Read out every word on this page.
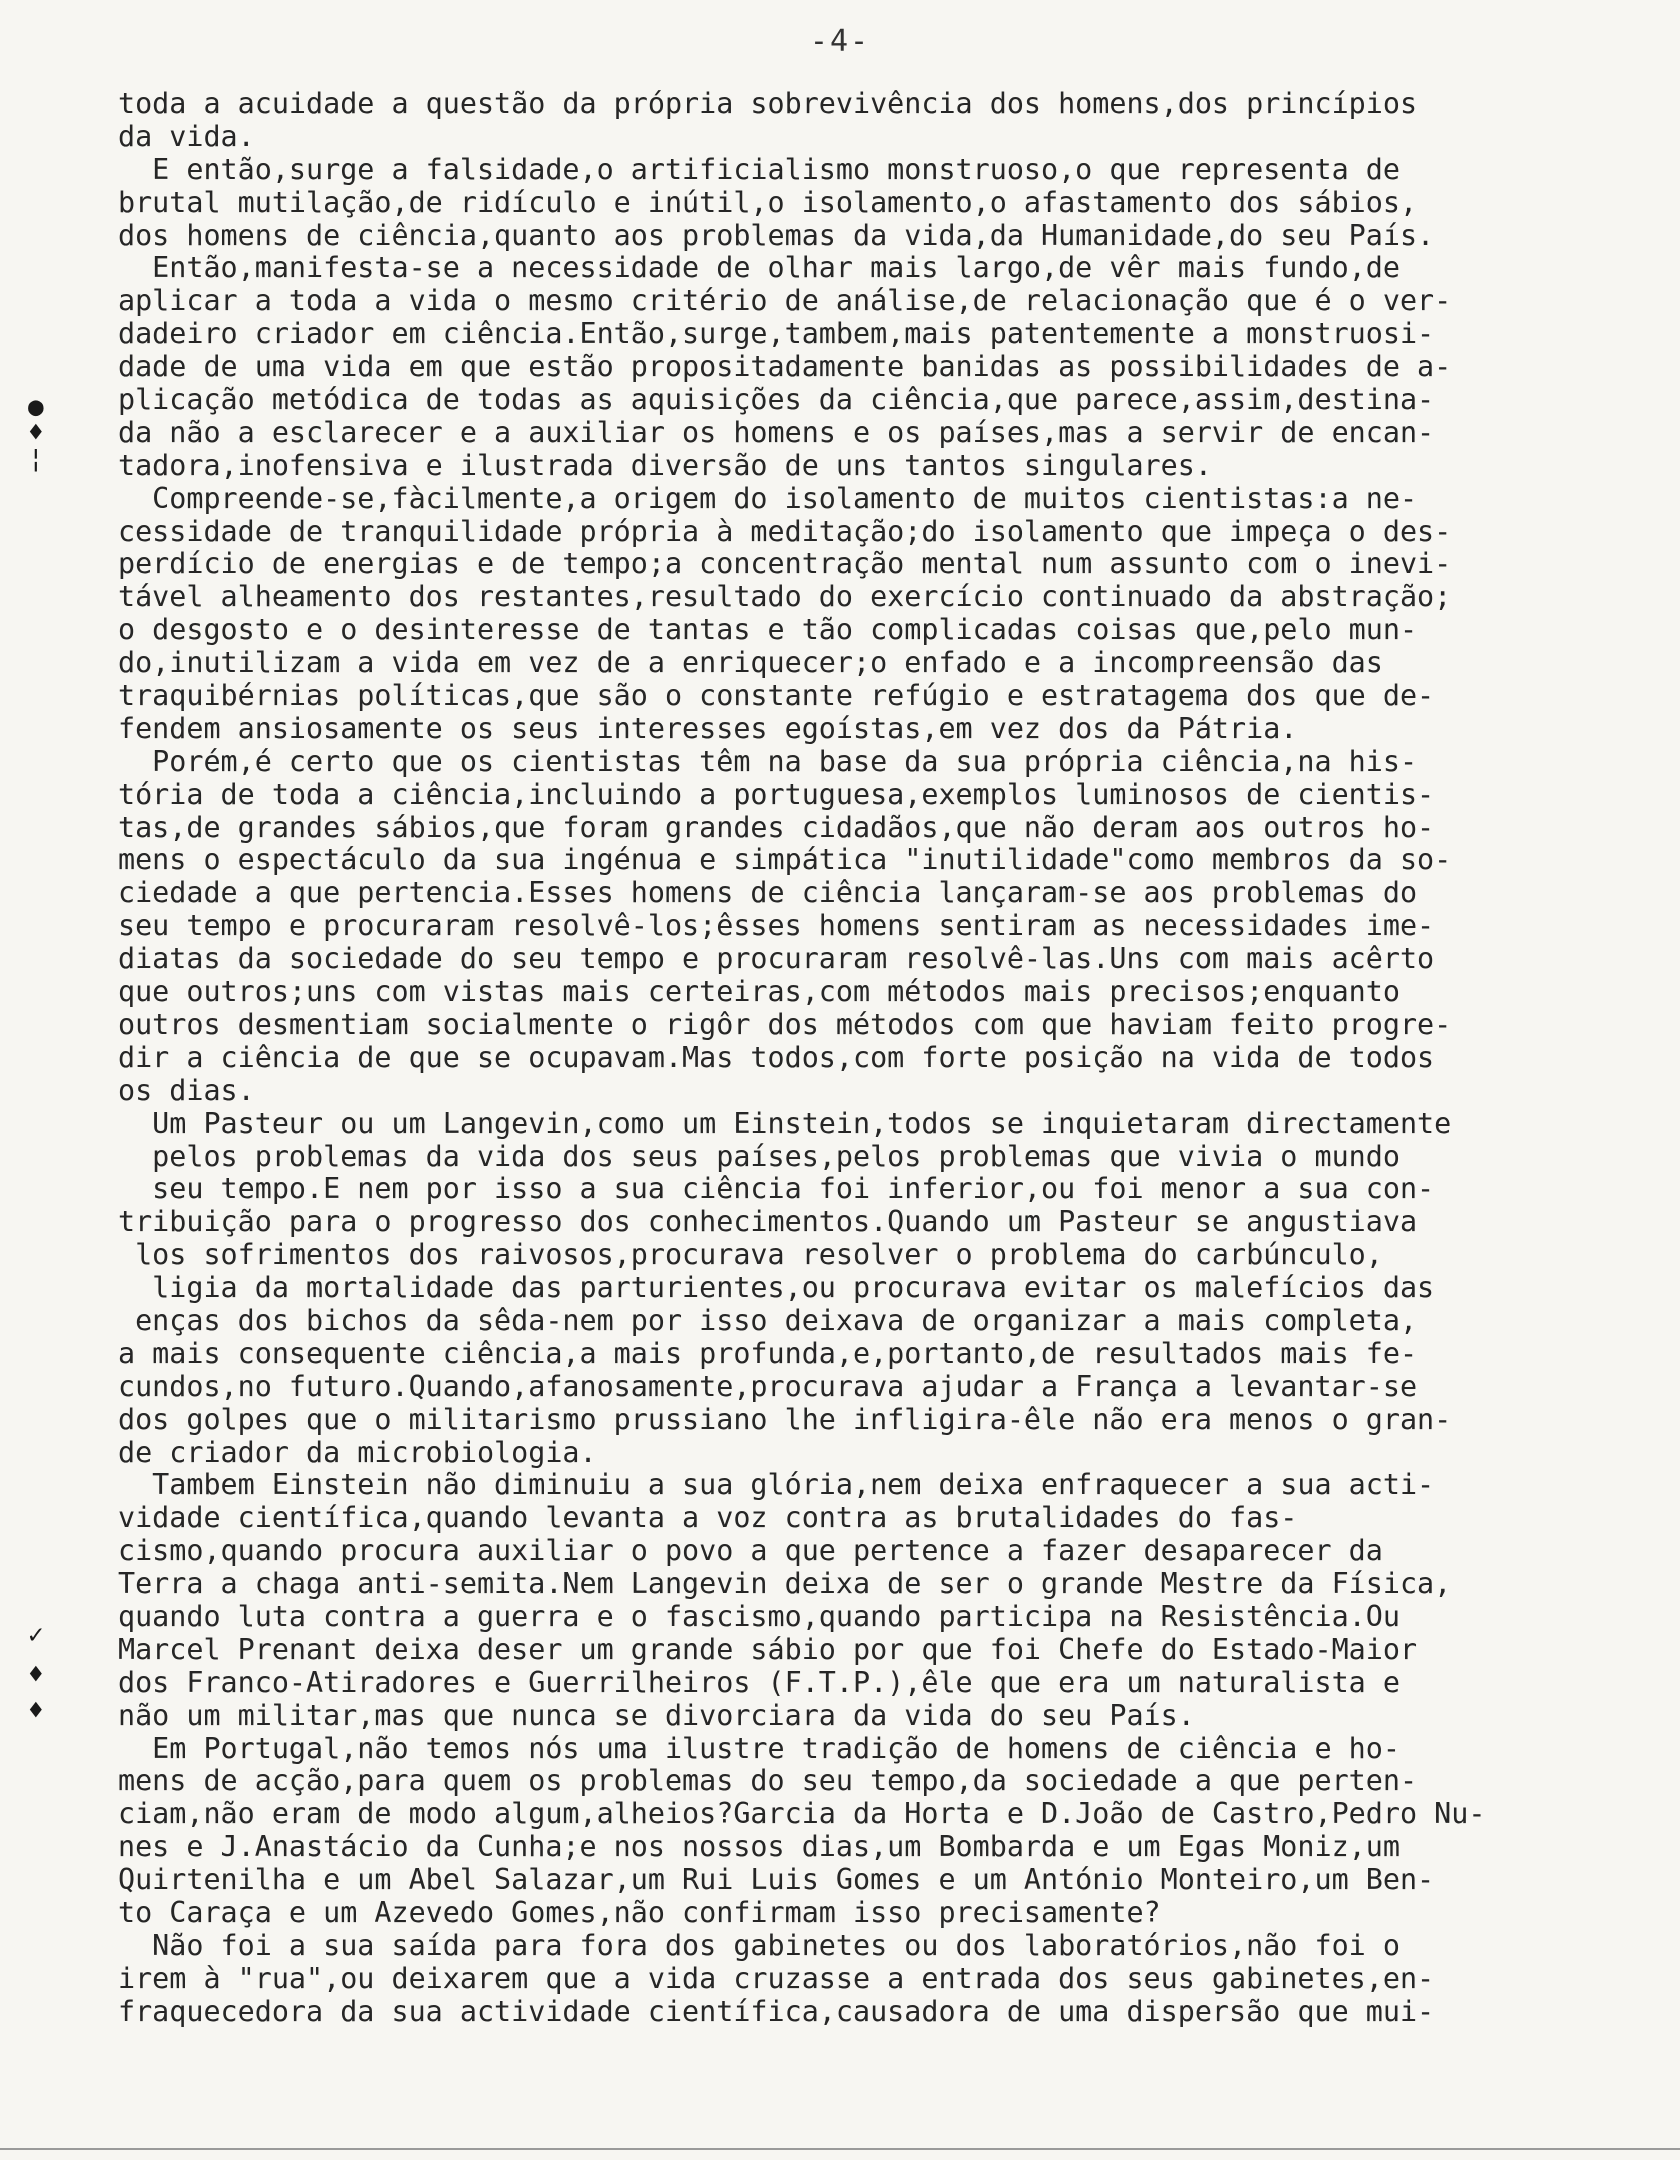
-4-
●
♦
¦
✓
♦
♦
toda a acuidade a questão da própria sobrevivência dos homens,dos princípios
da vida.
E então,surge a falsidade,o artificialismo monstruoso,o que representa de
brutal mutilação,de ridículo e inútil,o isolamento,o afastamento dos sábios,
dos homens de ciência,quanto aos problemas da vida,da Humanidade,do seu País.
Então,manifesta-se a necessidade de olhar mais largo,de vêr mais fundo,de
aplicar a toda a vida o mesmo critério de análise,de relacionação que é o ver-
dadeiro criador em ciência.Então,surge,tambem,mais patentemente a monstruosi-
dade de uma vida em que estão propositadamente banidas as possibilidades de a-
plicação metódica de todas as aquisições da ciência,que parece,assim,destina-
da não a esclarecer e a auxiliar os homens e os países,mas a servir de encan-
tadora,inofensiva e ilustrada diversão de uns tantos singulares.
Compreende-se,fàcilmente,a origem do isolamento de muitos cientistas:a ne-
cessidade de tranquilidade própria à meditação;do isolamento que impeça o des-
perdício de energias e de tempo;a concentração mental num assunto com o inevi-
tável alheamento dos restantes,resultado do exercício continuado da abstração;
o desgosto e o desinteresse de tantas e tão complicadas coisas que,pelo mun-
do,inutilizam a vida em vez de a enriquecer;o enfado e a incompreensão das
traquibérnias políticas,que são o constante refúgio e estratagema dos que de-
fendem ansiosamente os seus interesses egoístas,em vez dos da Pátria.
Porém,é certo que os cientistas têm na base da sua própria ciência,na his-
tória de toda a ciência,incluindo a portuguesa,exemplos luminosos de cientis-
tas,de grandes sábios,que foram grandes cidadãos,que não deram aos outros ho-
mens o espectáculo da sua ingénua e simpática "inutilidade"como membros da so-
ciedade a que pertencia.Esses homens de ciência lançaram-se aos problemas do
seu tempo e procuraram resolvê-los;êsses homens sentiram as necessidades ime-
diatas da sociedade do seu tempo e procuraram resolvê-las.Uns com mais acêrto
que outros;uns com vistas mais certeiras,com métodos mais precisos;enquanto
outros desmentiam socialmente o rigôr dos métodos com que haviam feito progre-
dir a ciência de que se ocupavam.Mas todos,com forte posição na vida de todos
os dias.
Um Pasteur ou um Langevin,como um Einstein,todos se inquietaram directamente
pelos problemas da vida dos seus países,pelos problemas que vivia o mundo
seu tempo.E nem por isso a sua ciência foi inferior,ou foi menor a sua con-
tribuição para o progresso dos conhecimentos.Quando um Pasteur se angustiava
los sofrimentos dos raivosos,procurava resolver o problema do carbúnculo,
ligia da mortalidade das parturientes,ou procurava evitar os malefícios das
enças dos bichos da sêda-nem por isso deixava de organizar a mais completa,
a mais consequente ciência,a mais profunda,e,portanto,de resultados mais fe-
cundos,no futuro.Quando,afanosamente,procurava ajudar a França a levantar-se
dos golpes que o militarismo prussiano lhe infligira-êle não era menos o gran-
de criador da microbiologia.
Tambem Einstein não diminuiu a sua glória,nem deixa enfraquecer a sua acti-
vidade científica,quando levanta a voz contra as brutalidades do fas-
cismo,quando procura auxiliar o povo a que pertence a fazer desaparecer da
Terra a chaga anti-semita.Nem Langevin deixa de ser o grande Mestre da Física,
quando luta contra a guerra e o fascismo,quando participa na Resistência.Ou
Marcel Prenant deixa deser um grande sábio por que foi Chefe do Estado-Maior
dos Franco-Atiradores e Guerrilheiros (F.T.P.),êle que era um naturalista e
não um militar,mas que nunca se divorciara da vida do seu País.
Em Portugal,não temos nós uma ilustre tradição de homens de ciência e ho-
mens de acção,para quem os problemas do seu tempo,da sociedade a que perten-
ciam,não eram de modo algum,alheios?Garcia da Horta e D.João de Castro,Pedro Nu-
nes e J.Anastácio da Cunha;e nos nossos dias,um Bombarda e um Egas Moniz,um
Quirtenilha e um Abel Salazar,um Rui Luis Gomes e um António Monteiro,um Ben-
to Caraça e um Azevedo Gomes,não confirmam isso precisamente?
Não foi a sua saída para fora dos gabinetes ou dos laboratórios,não foi o
irem à "rua",ou deixarem que a vida cruzasse a entrada dos seus gabinetes,en-
fraquecedora da sua actividade científica,causadora de uma dispersão que mui-
